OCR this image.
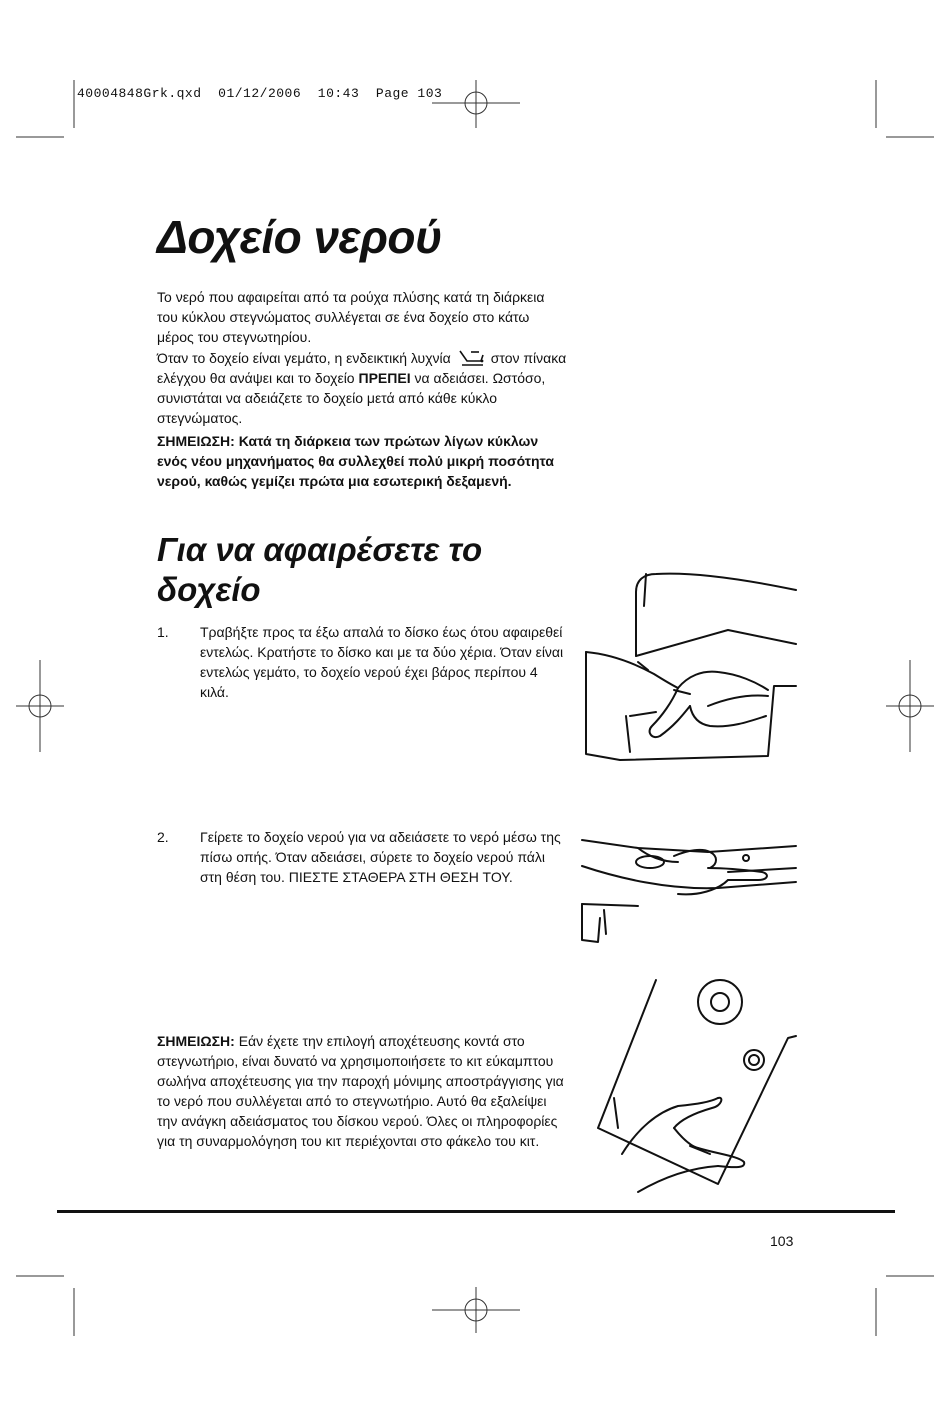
40004848Grk.qxd 01/12/2006 10:43 Page 103
Δοχείο νερού

Το νερό που αφαιρείται από τα ρούχα πλύσης κατά τη διάρκεια του κύκλου στεγνώματος συλλέγεται σε ένα δοχείο στο κάτω μέρος του στεγνωτηρίου.

Όταν το δοχείο είναι γεμάτο, η ενδεικτική λυχνία	στον πίνακα ελέγχου θα ανάψει και το δοχείο ΠΡΕΠΕΙ να αδειάσει. Ωστόσο, συνιστάται να αδειάζετε το δοχείο μετά από κάθε κύκλο στεγνώματος.

ΣΗΜΕΙΩΣΗ: Κατά τη διάρκεια των πρώτων λίγων κύκλων ενός νέου μηχανήματος θα συλλεχθεί πολύ μικρή ποσότητα νερού, καθώς γεμίζει πρώτα μια εσωτερική δεξαμενή.

Για να αφαιρέσετε το δοχείο
1. Τραβήξτε προς τα έξω απαλά το δίσκο έως ότου αφαιρεθεί εντελώς. Κρατήστε το δίσκο και με τα δύο χέρια. Όταν είναι εντελώς γεμάτο, το δοχείο νερού έχει βάρος περίπου 4 κιλά.
2. Γείρετε το δοχείο νερού για να αδειάσετε το νερό μέσω της πίσω οπής. Όταν αδειάσει, σύρετε το δοχείο νερού πάλι στη θέση του. ΠΙΕΣΤΕ ΣΤΑΘΕΡΑ ΣΤΗ ΘΕΣΗ ΤΟΥ.

ΣΗΜΕΙΩΣΗ: Εάν έχετε την επιλογή αποχέτευσης κοντά στο στεγνωτήριο, είναι δυνατό να χρησιμοποιήσετε το κιτ εύκαμπτου σωλήνα αποχέτευσης για την παροχή μόνιμης αποστράγγισης για το νερό που συλλέγεται από το στεγνωτήριο. Αυτό θα εξαλείψει την ανάγκη αδειάσματος του δίσκου νερού. Όλες οι πληροφορίες για τη συναρμολόγηση του κιτ περιέχονται στο φάκελο του κιτ.

103
